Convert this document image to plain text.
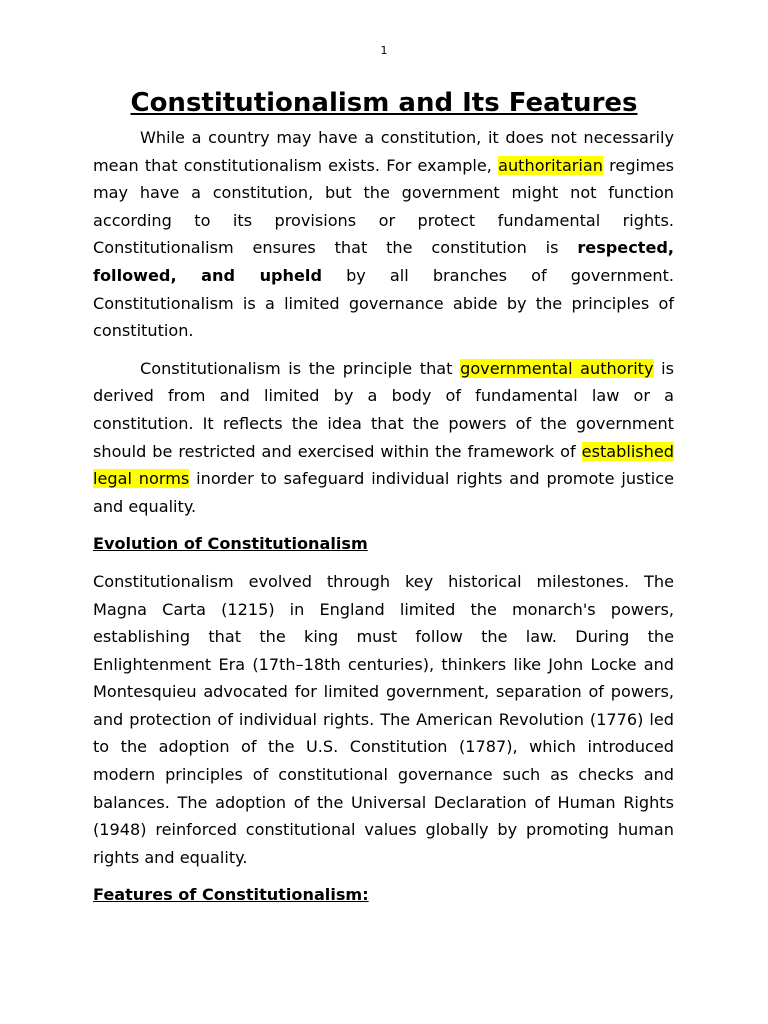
1
Constitutionalism and Its Features

While a country may have a constitution, it does not necessarily mean that constitutionalism exists. For example, authoritarian regimes may have a constitution, but the government might not function according to its provisions or protect fundamental rights. Constitutionalism ensures that the constitution is respected, followed, and upheld by all branches of government. Constitutionalism is a limited governance abide by the principles of constitution.

Constitutionalism is the principle that governmental authority is derived from and limited by a body of fundamental law or a constitution. It reflects the idea that the powers of the government should be restricted and exercised within the framework of established legal norms inorder to safeguard individual rights and promote justice and equality.

Evolution of Constitutionalism

Constitutionalism evolved through key historical milestones. The Magna Carta (1215) in England limited the monarch's powers, establishing that the king must follow the law. During the Enlightenment Era (17th–18th centuries), thinkers like John Locke and Montesquieu advocated for limited government, separation of powers, and protection of individual rights. The American Revolution (1776) led to the adoption of the U.S. Constitution (1787), which introduced modern principles of constitutional governance such as checks and balances. The adoption of the Universal Declaration of Human Rights (1948) reinforced constitutional values globally by promoting human rights and equality.

Features of Constitutionalism:
